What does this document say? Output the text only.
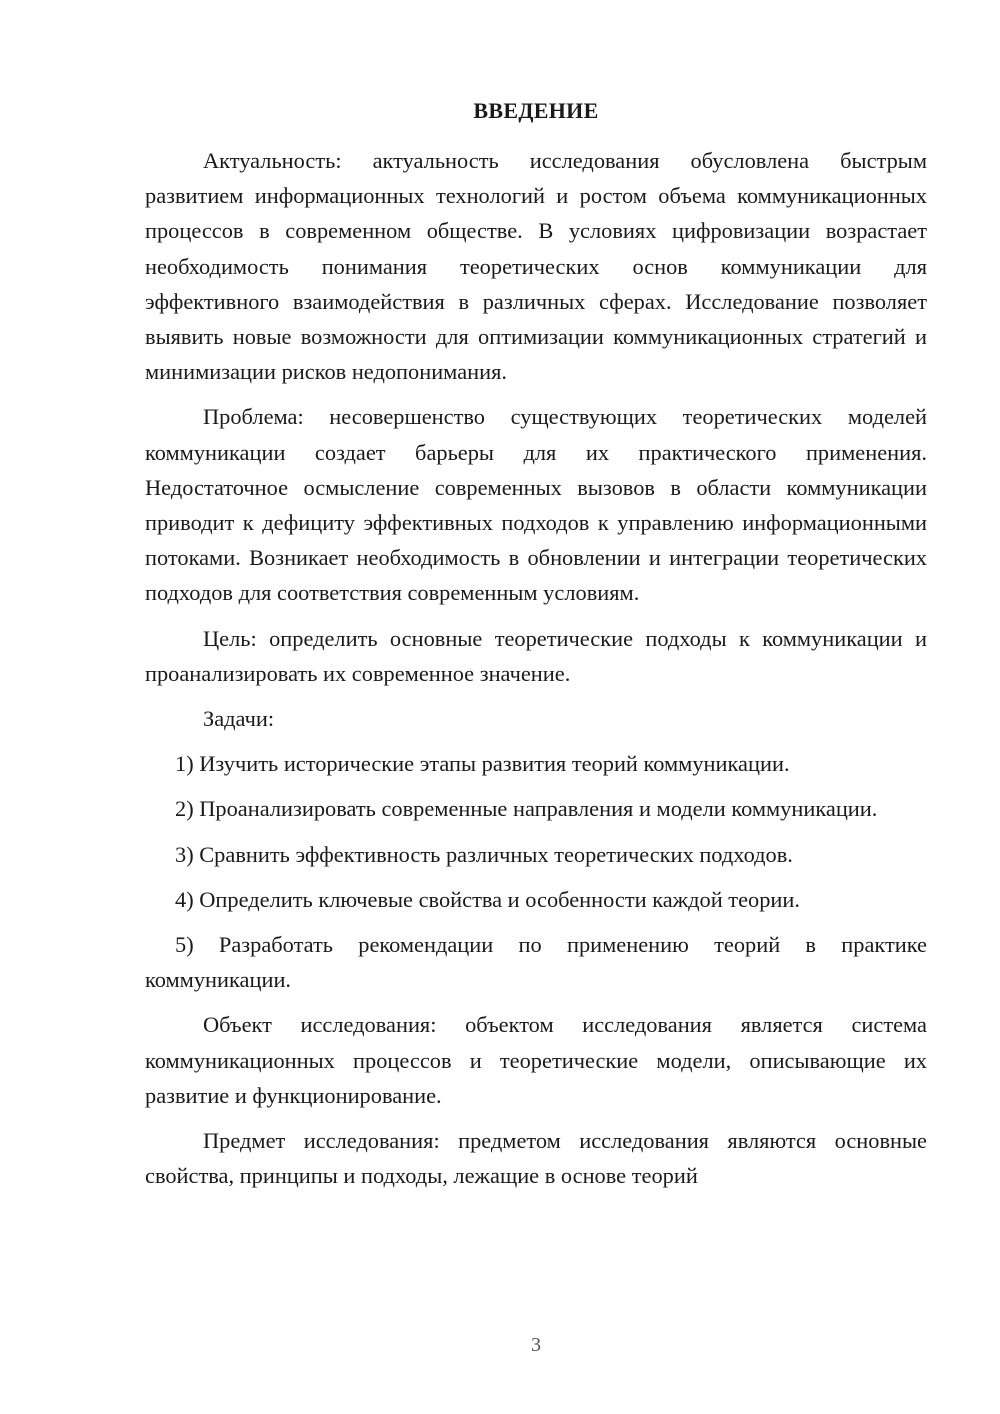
ВВЕДЕНИЕ

Актуальность: актуальность исследования обусловлена быстрым развитием информационных технологий и ростом объема коммуникационных процессов в современном обществе. В условиях цифровизации возрастает необходимость понимания теоретических основ коммуникации для эффективного взаимодействия в различных сферах. Исследование позволяет выявить новые возможности для оптимизации коммуникационных стратегий и минимизации рисков недопонимания.

Проблема: несовершенство существующих теоретических моделей коммуникации создает барьеры для их практического применения. Недостаточное осмысление современных вызовов в области коммуникации приводит к дефициту эффективных подходов к управлению информационными потоками. Возникает необходимость в обновлении и интеграции теоретических подходов для соответствия современным условиям.

Цель: определить основные теоретические подходы к коммуникации и проанализировать их современное значение.

Задачи:

1) Изучить исторические этапы развития теорий коммуникации.

2) Проанализировать современные направления и модели коммуникации.

3) Сравнить эффективность различных теоретических подходов.

4) Определить ключевые свойства и особенности каждой теории.

5) Разработать рекомендации по применению теорий в практике коммуникации.

Объект исследования: объектом исследования является система коммуникационных процессов и теоретические модели, описывающие их развитие и функционирование.

Предмет исследования: предметом исследования являются основные свойства, принципы и подходы, лежащие в основе теорий

3
